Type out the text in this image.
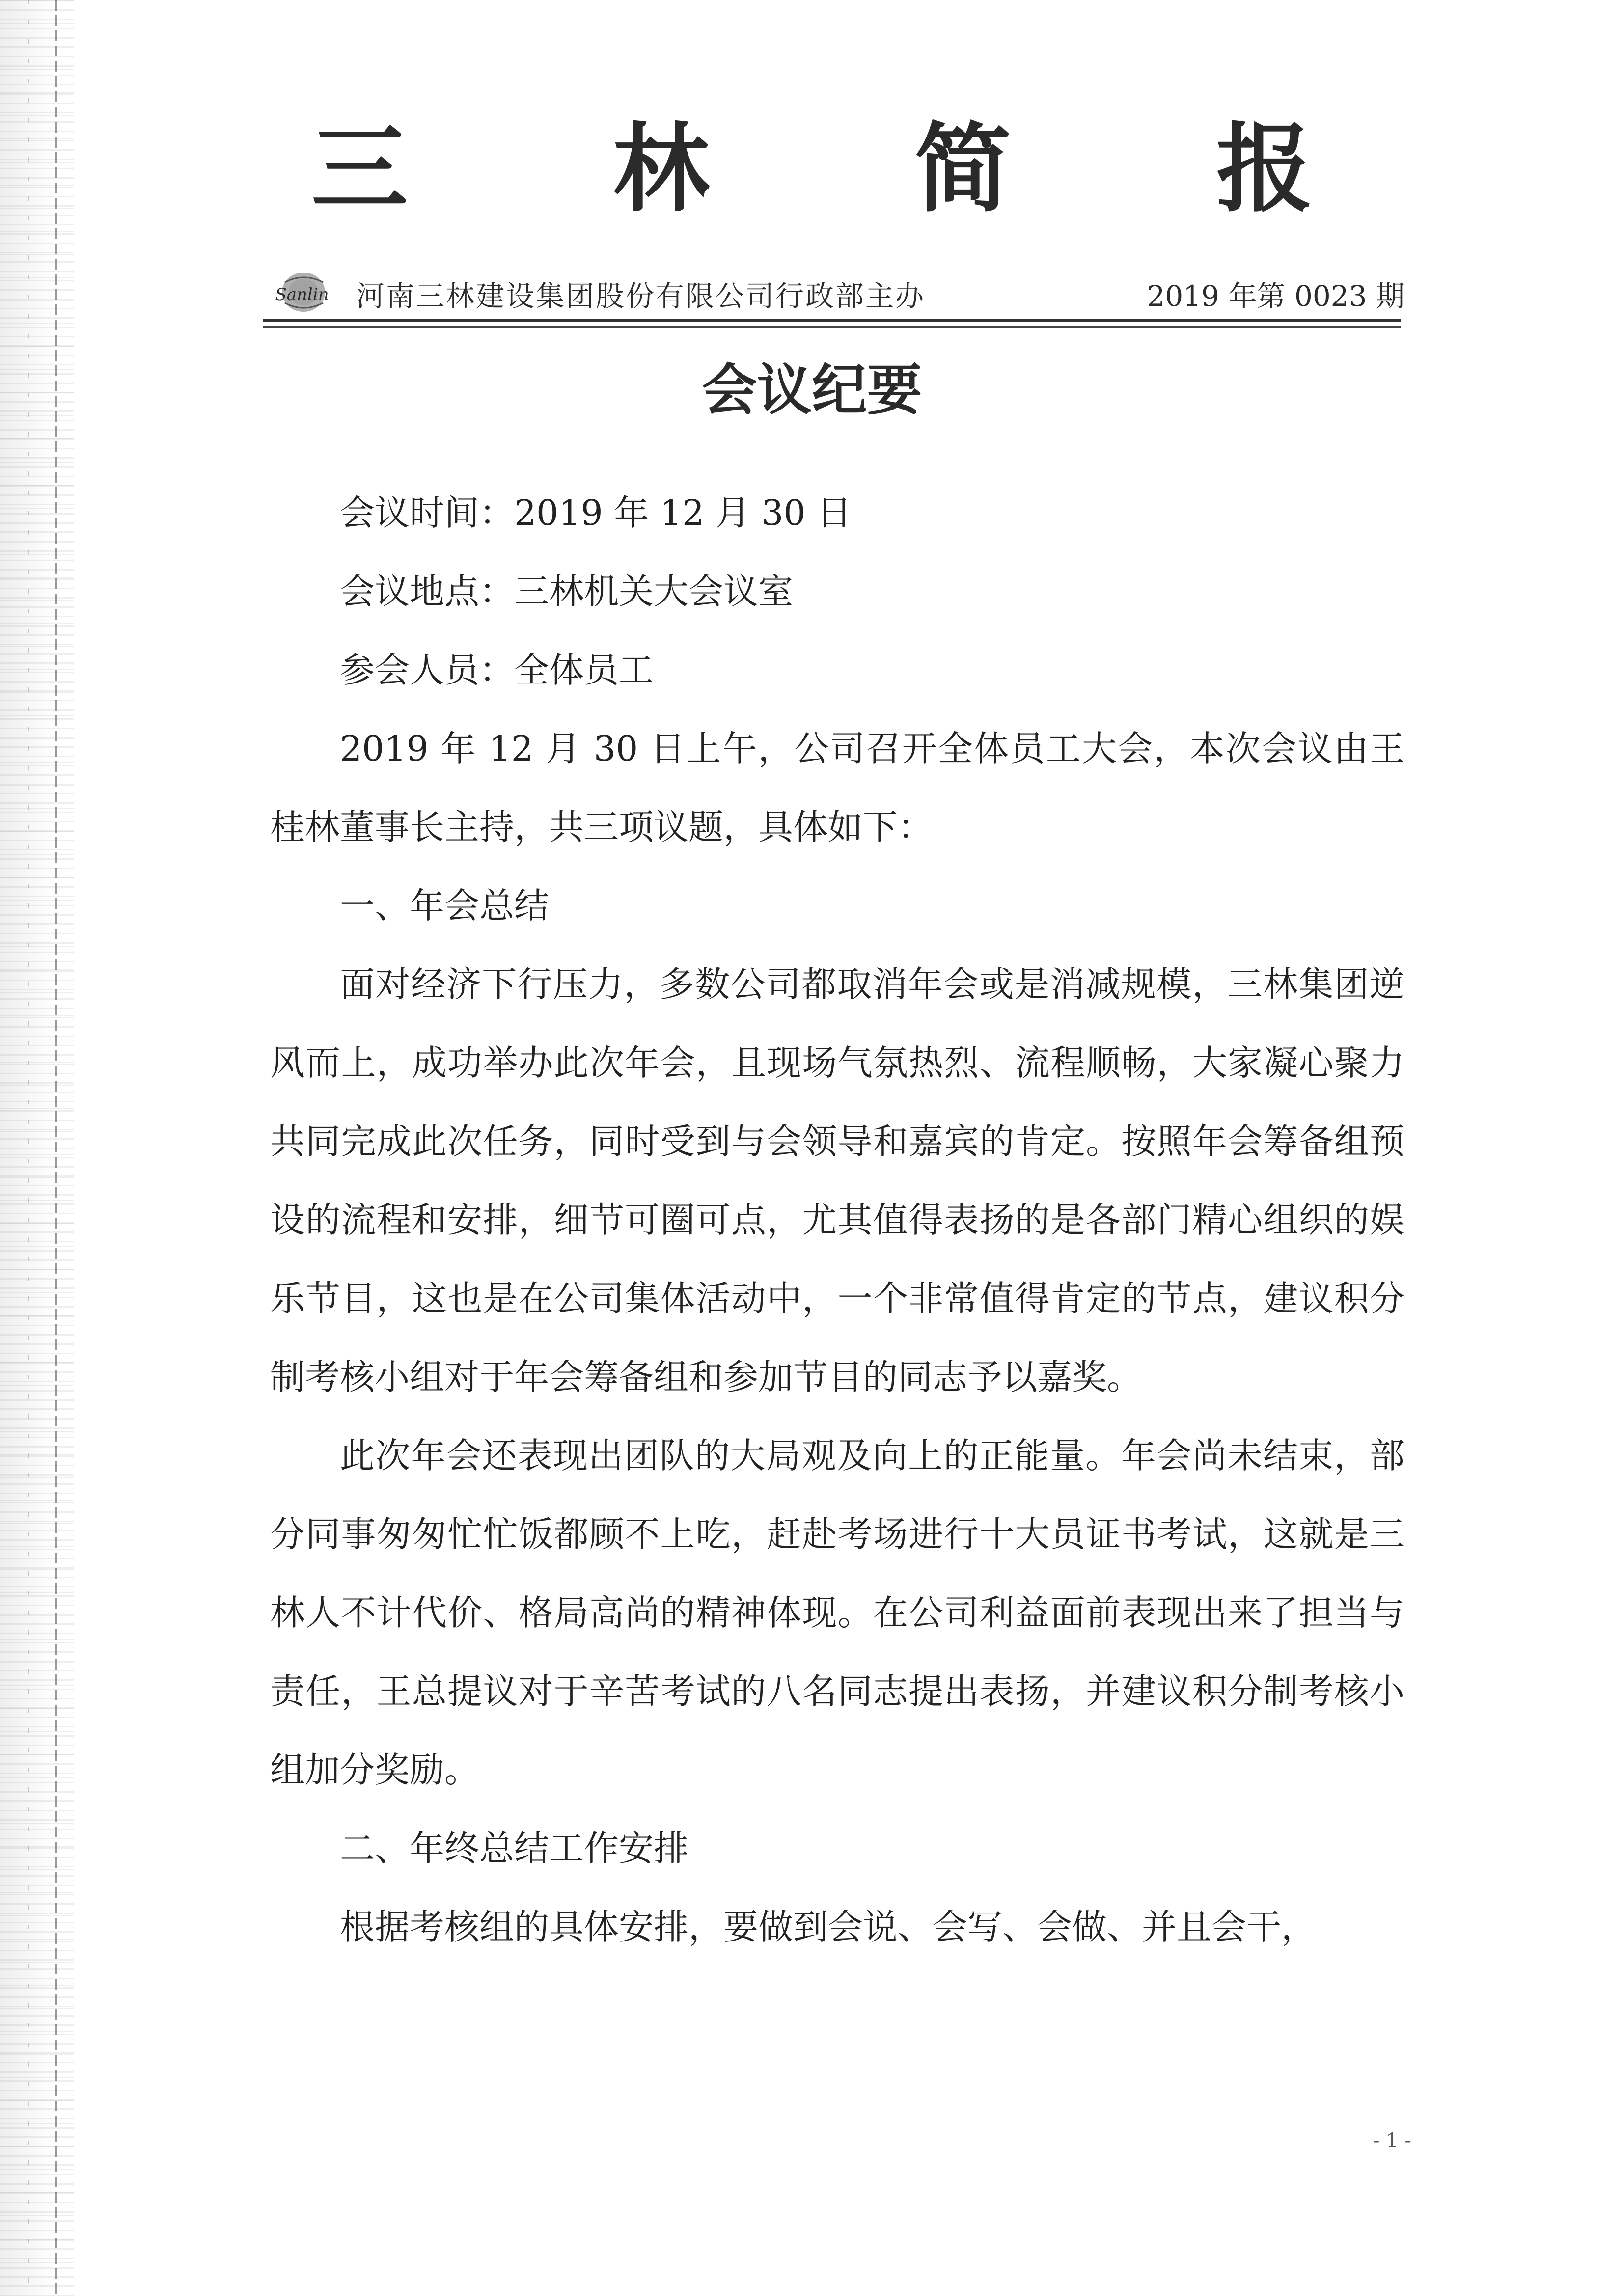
三 林 简 报
Sanlin 河南三林建设集团股份有限公司行政部主办	2019 年第 0023 期
会议纪要

会议时间：2019 年 12 月 30 日

会议地点：三林机关大会议室

参会人员：全体员工

2019 年 12 月 30 日上午，公司召开全体员工大会，本次会议由王桂林董事长主持，共三项议题，具体如下：

一、年会总结

面对经济下行压力，多数公司都取消年会或是消减规模，三林集团逆风而上，成功举办此次年会，且现场气氛热烈、流程顺畅，大家凝心聚力共同完成此次任务，同时受到与会领导和嘉宾的肯定。按照年会筹备组预设的流程和安排，细节可圈可点，尤其值得表扬的是各部门精心组织的娱乐节目，这也是在公司集体活动中，一个非常值得肯定的节点，建议积分制考核小组对于年会筹备组和参加节目的同志予以嘉奖。

此次年会还表现出团队的大局观及向上的正能量。年会尚未结束，部分同事匆匆忙忙饭都顾不上吃，赶赴考场进行十大员证书考试，这就是三林人不计代价、格局高尚的精神体现。在公司利益面前表现出来了担当与责任，王总提议对于辛苦考试的八名同志提出表扬，并建议积分制考核小组加分奖励。

二、年终总结工作安排

根据考核组的具体安排，要做到会说、会写、会做、并且会干，

- 1 -
